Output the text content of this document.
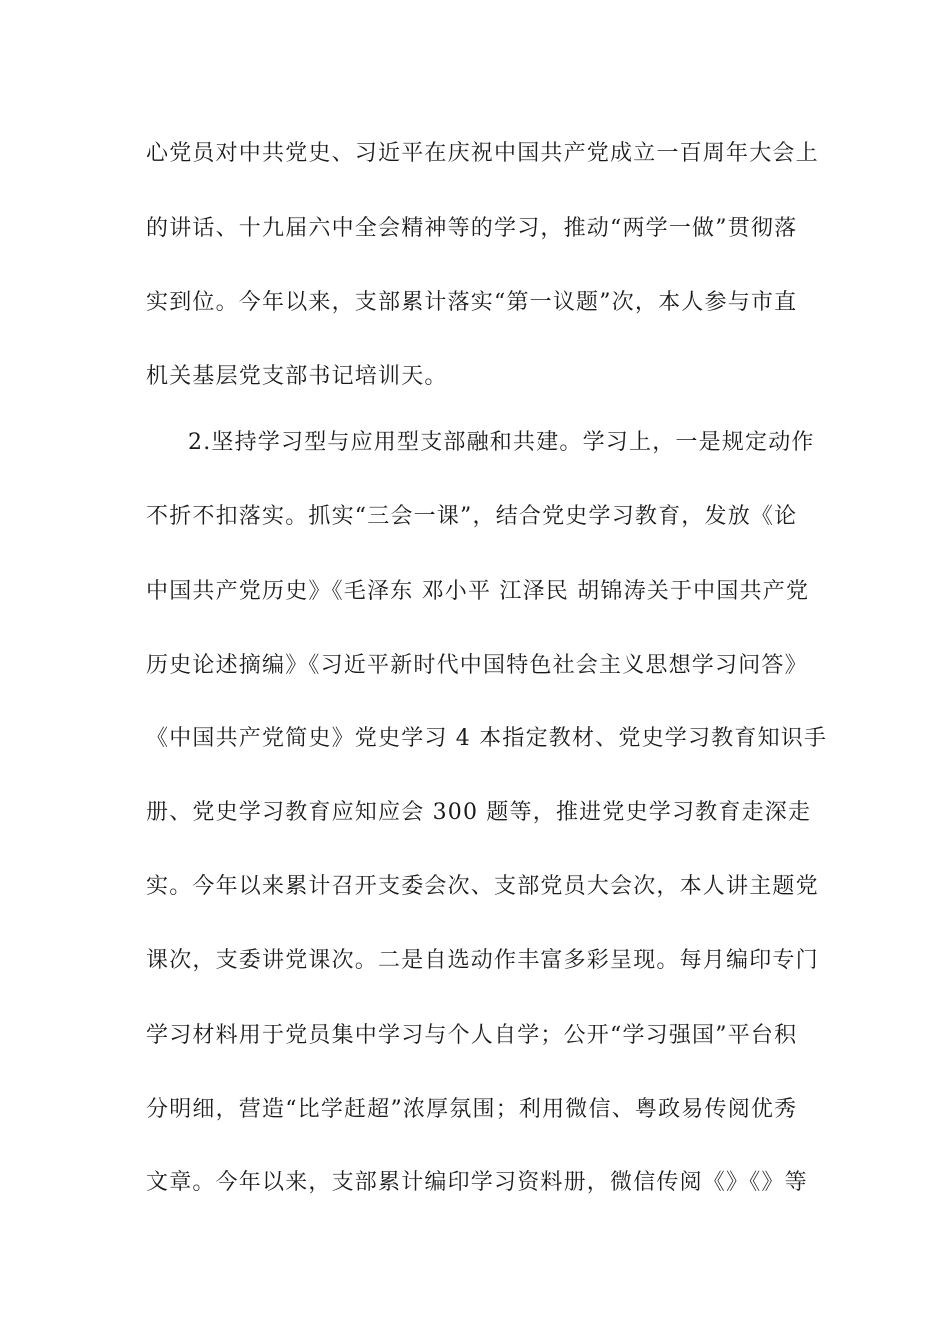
心党员对中共党史、习近平在庆祝中国共产党成立一百周年大会上
的讲话、十九届六中全会精神等的学习，推动“两学一做”贯彻落
实到位。今年以来，支部累计落实“第一议题”次，本人参与市直
机关基层党支部书记培训天。
2.坚持学习型与应用型支部融和共建。学习上，一是规定动作
不折不扣落实。抓实“三会一课”，结合党史学习教育，发放《论
中国共产党历史》《毛泽东 邓小平 江泽民 胡锦涛关于中国共产党
历史论述摘编》《习近平新时代中国特色社会主义思想学习问答》
《中国共产党简史》党史学习 4 本指定教材、党史学习教育知识手
册、党史学习教育应知应会 300 题等，推进党史学习教育走深走
实。今年以来累计召开支委会次、支部党员大会次，本人讲主题党
课次，支委讲党课次。二是自选动作丰富多彩呈现。每月编印专门
学习材料用于党员集中学习与个人自学；公开“学习强国”平台积
分明细，营造“比学赶超”浓厚氛围；利用微信、粤政易传阅优秀
文章。今年以来，支部累计编印学习资料册，微信传阅《》《》等
